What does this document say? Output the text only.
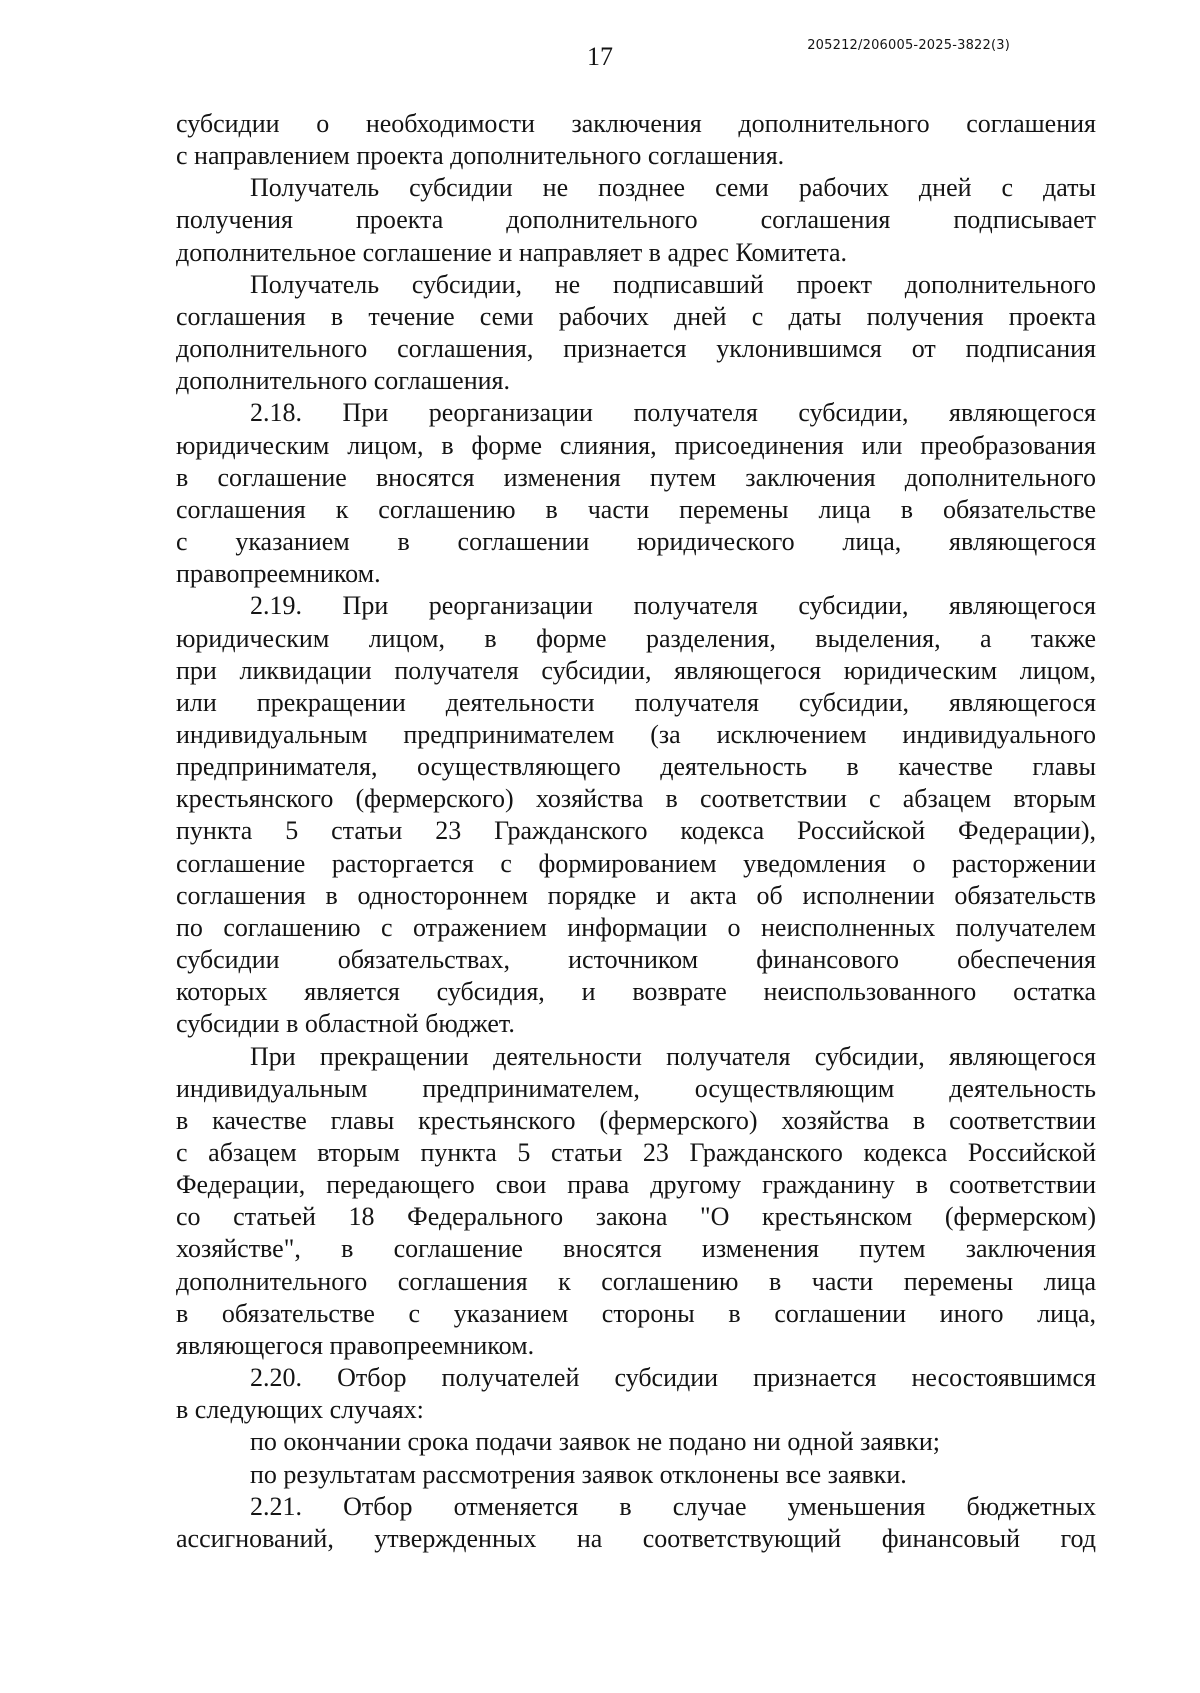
17	205212/206005-2025-3822(3)

субсидии о необходимости заключения дополнительного соглашения

с направлением проекта дополнительного соглашения.

Получатель субсидии не позднее семи рабочих дней с даты

получения проекта дополнительного соглашения подписывает

дополнительное соглашение и направляет в адрес Комитета.

Получатель субсидии, не подписавший проект дополнительного

соглашения в течение семи рабочих дней с даты получения проекта

дополнительного соглашения, признается уклонившимся от подписания

дополнительного соглашения.

2.18. При реорганизации получателя субсидии, являющегося

юридическим лицом, в форме слияния, присоединения или преобразования

в соглашение вносятся изменения путем заключения дополнительного

соглашения к соглашению в части перемены лица в обязательстве

с указанием в соглашении юридического лица, являющегося

правопреемником.

2.19. При реорганизации получателя субсидии, являющегося

юридическим лицом, в форме разделения, выделения, а также

при ликвидации получателя субсидии, являющегося юридическим лицом,

или прекращении деятельности получателя субсидии, являющегося

индивидуальным предпринимателем (за исключением индивидуального

предпринимателя, осуществляющего деятельность в качестве главы

крестьянского (фермерского) хозяйства в соответствии с абзацем вторым

пункта 5 статьи 23 Гражданского кодекса Российской Федерации),

соглашение расторгается с формированием уведомления о расторжении

соглашения в одностороннем порядке и акта об исполнении обязательств

по соглашению с отражением информации о неисполненных получателем

субсидии обязательствах, источником финансового обеспечения

которых является субсидия, и возврате неиспользованного остатка

субсидии в областной бюджет.

При прекращении деятельности получателя субсидии, являющегося

индивидуальным предпринимателем, осуществляющим деятельность

в качестве главы крестьянского (фермерского) хозяйства в соответствии

с абзацем вторым пункта 5 статьи 23 Гражданского кодекса Российской

Федерации, передающего свои права другому гражданину в соответствии

со статьей 18 Федерального закона "О крестьянском (фермерском)

хозяйстве", в соглашение вносятся изменения путем заключения

дополнительного соглашения к соглашению в части перемены лица

в обязательстве с указанием стороны в соглашении иного лица,

являющегося правопреемником.

2.20. Отбор получателей субсидии признается несостоявшимся

в следующих случаях:

по окончании срока подачи заявок не подано ни одной заявки;

по результатам рассмотрения заявок отклонены все заявки.

2.21. Отбор отменяется в случае уменьшения бюджетных

ассигнований, утвержденных на соответствующий финансовый год
